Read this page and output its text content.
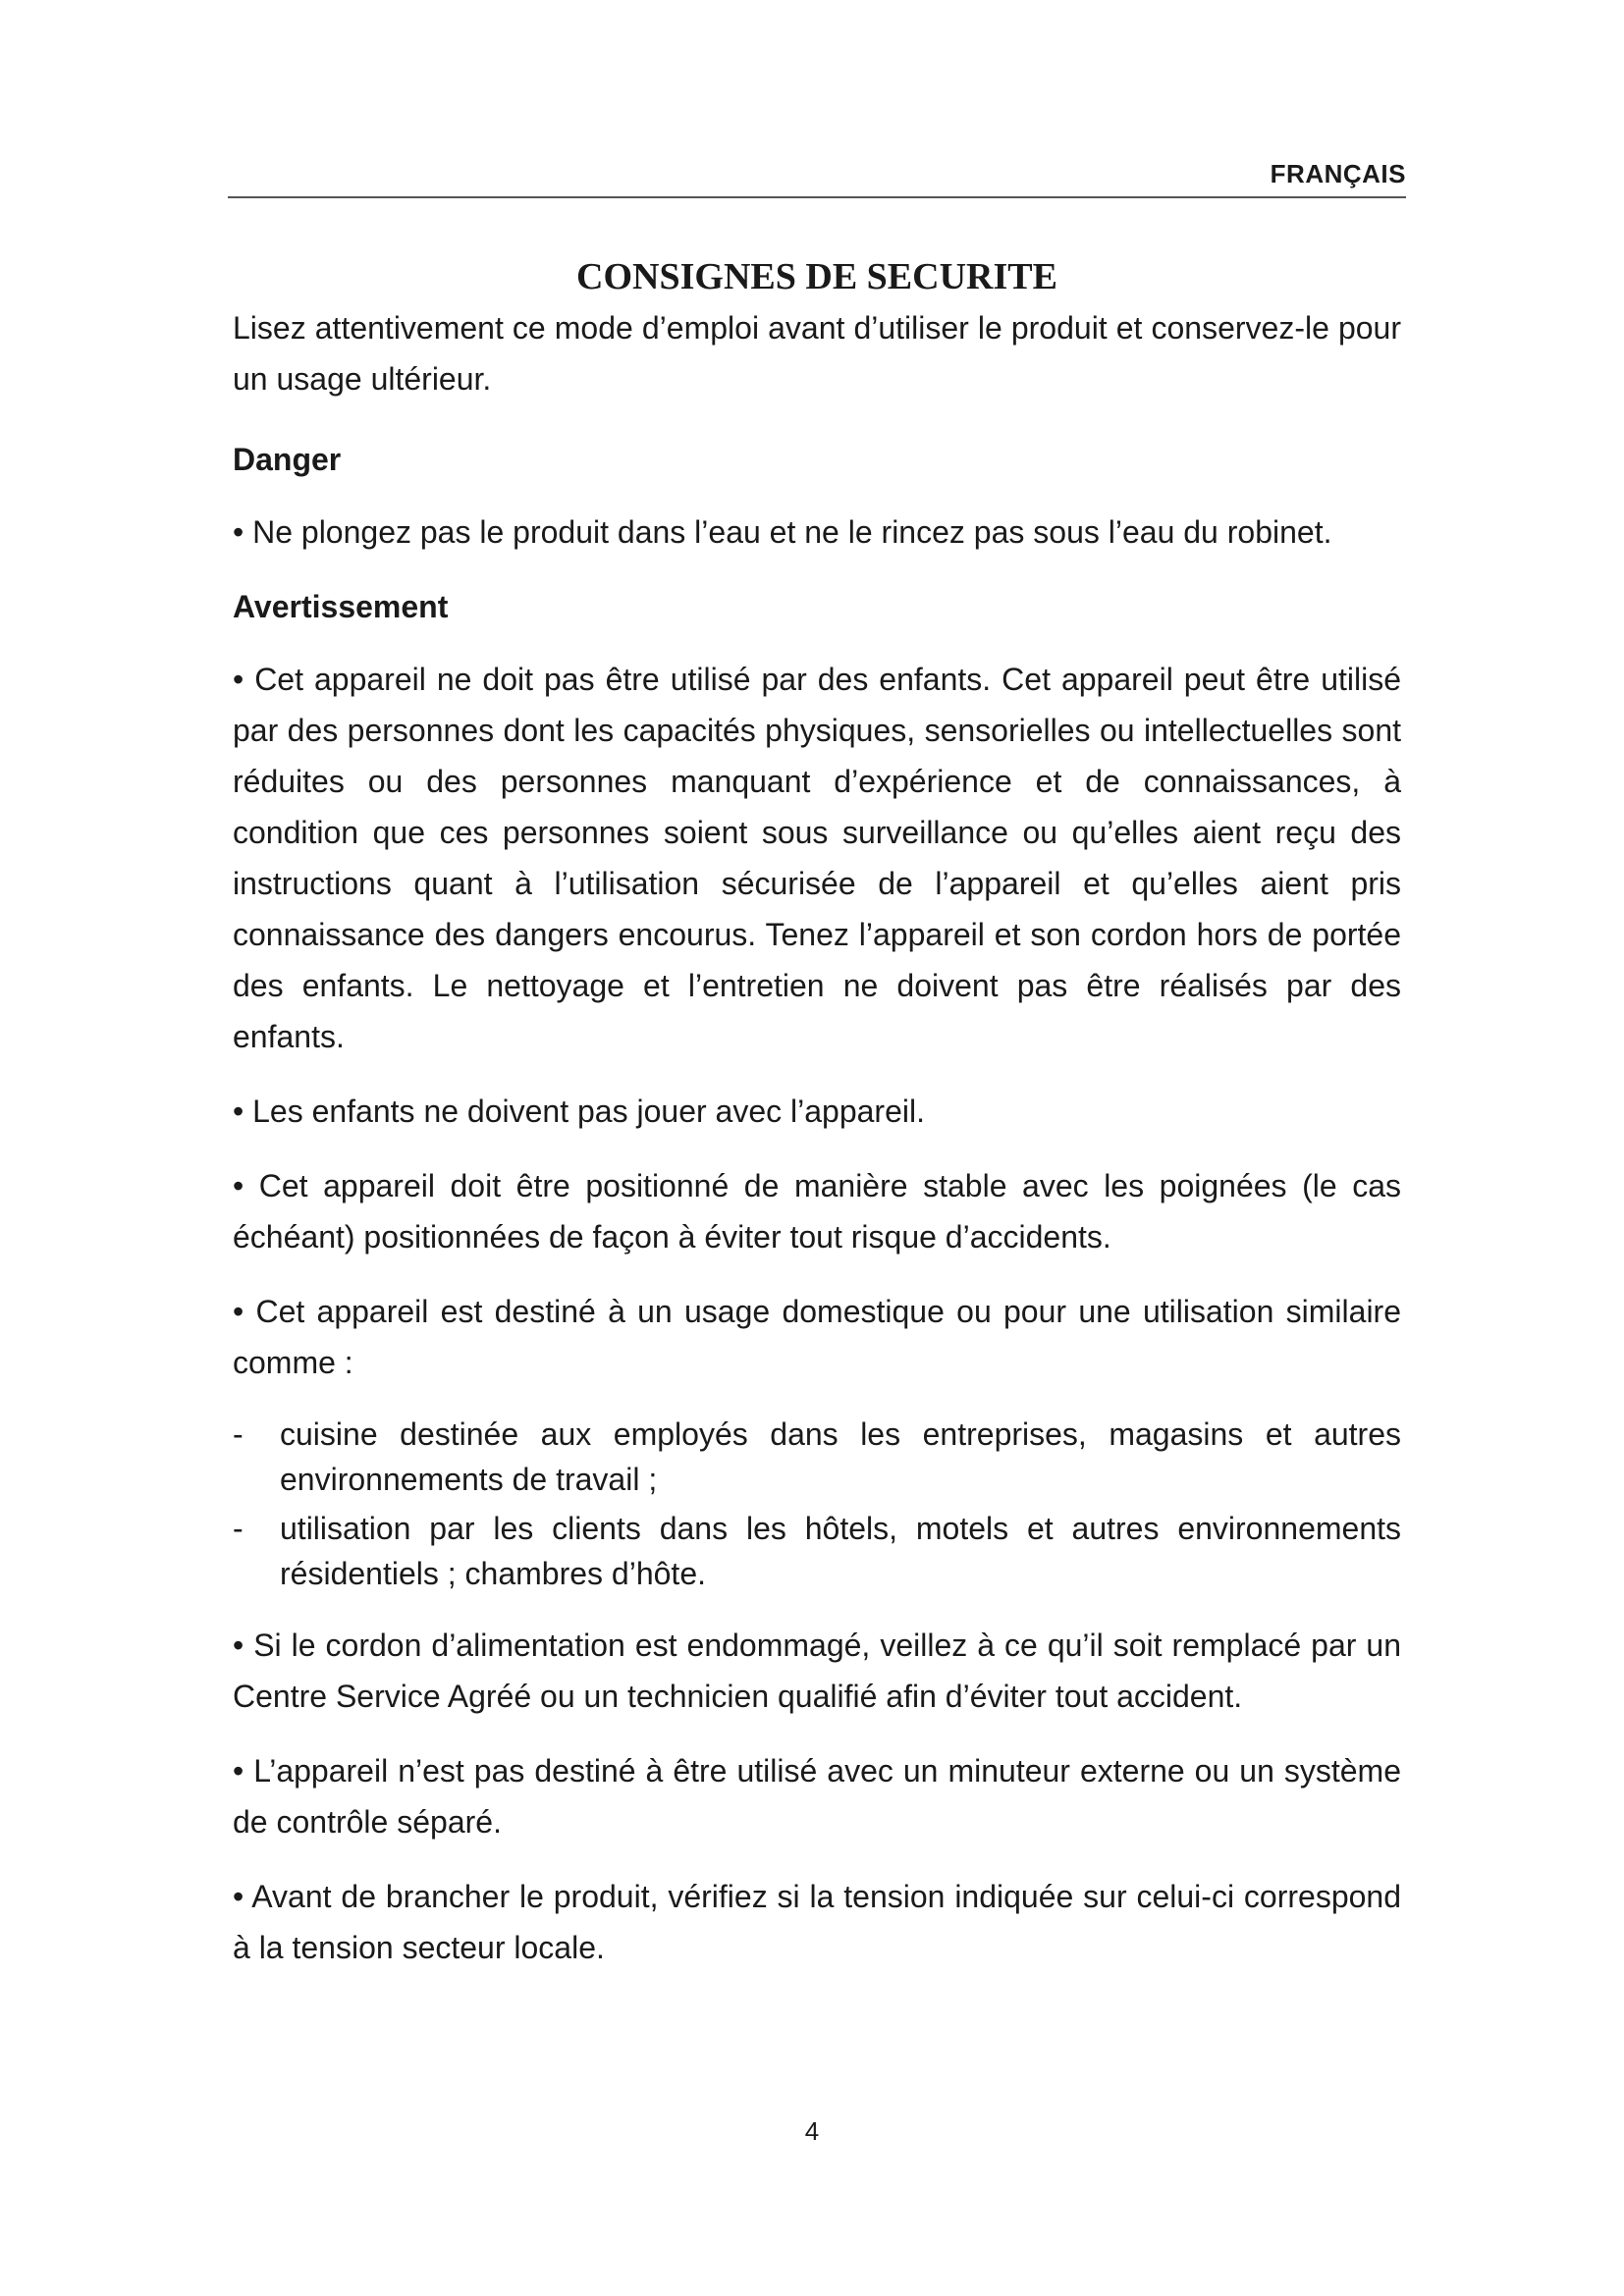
FRANÇAIS
CONSIGNES DE SECURITE

Lisez attentivement ce mode d’emploi avant d’utiliser le produit et conservez-le pour un usage ultérieur.

Danger

• Ne plongez pas le produit dans l’eau et ne le rincez pas sous l’eau du robinet.

Avertissement

• Cet appareil ne doit pas être utilisé par des enfants. Cet appareil peut être utilisé par des personnes dont les capacités physiques, sensorielles ou intellectuelles sont réduites ou des personnes manquant d’expérience et de connaissances, à condition que ces personnes soient sous surveillance ou qu’elles aient reçu des instructions quant à l’utilisation sécurisée de l’appareil et qu’elles aient pris connaissance des dangers encourus. Tenez l’appareil et son cordon hors de portée des enfants. Le nettoyage et l’entretien ne doivent pas être réalisés par des enfants.

• Les enfants ne doivent pas jouer avec l’appareil.

• Cet appareil doit être positionné de manière stable avec les poignées (le cas échéant) positionnées de façon à éviter tout risque d’accidents.

• Cet appareil est destiné à un usage domestique ou pour une utilisation similaire comme :

-	cuisine destinée aux employés dans les entreprises, magasins et autres environnements de travail ;
-	utilisation par les clients dans les hôtels, motels et autres environnements résidentiels ; chambres d’hôte.

• Si le cordon d’alimentation est endommagé, veillez à ce qu’il soit remplacé par un Centre Service Agréé ou un technicien qualifié afin d’éviter tout accident.

• L’appareil n’est pas destiné à être utilisé avec un minuteur externe ou un système de contrôle séparé.

• Avant de brancher le produit, vérifiez si la tension indiquée sur celui-ci correspond à la tension secteur locale.

4
